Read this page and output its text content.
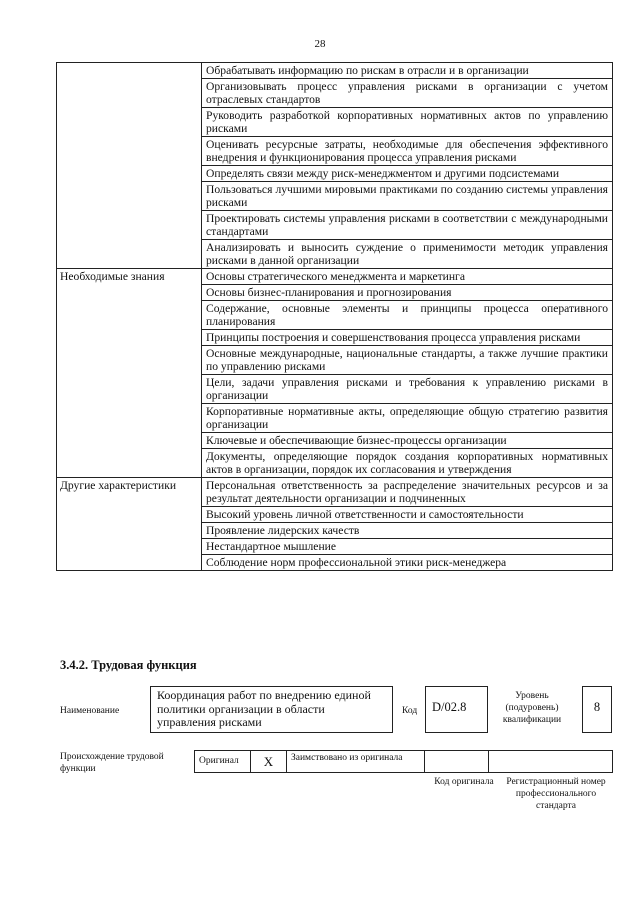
28
	Обрабатывать информацию по рискам в отрасли и в организации
	Организовывать процесс управления рисками в организации с учетом отраслевых стандартов
	Руководить разработкой корпоративных нормативных актов по управлению рисками
	Оценивать ресурсные затраты, необходимые для обеспечения эффективного внедрения и функционирования процесса управления рисками
	Определять связи между риск-менеджментом и другими подсистемами
	Пользоваться лучшими мировыми практиками по созданию системы управления рисками
	Проектировать системы управления рисками в соответствии с международными стандартами
	Анализировать и выносить суждение о применимости методик управления рисками в данной организации
Необходимые знания	Основы стратегического менеджмента и маркетинга
	Основы бизнес-планирования и прогнозирования
	Содержание, основные элементы и принципы процесса оперативного планирования
	Принципы построения и совершенствования процесса управления рисками
	Основные международные, национальные стандарты, а также лучшие практики по управлению рисками
	Цели, задачи управления рисками и требования к управлению рисками в организации
	Корпоративные нормативные акты, определяющие общую стратегию развития организации
	Ключевые и обеспечивающие бизнес-процессы организации
	Документы, определяющие порядок создания корпоративных нормативных актов в организации, порядок их согласования и утверждения
Другие характеристики	Персональная ответственность за распределение значительных ресурсов и за результат деятельности организации и подчиненных
	Высокий уровень личной ответственности и самостоятельности
	Проявление лидерских качеств
	Нестандартное мышление
	Соблюдение норм профессиональной этики риск-менеджера
3.4.2. Трудовая функция
Наименование
Координация работ по внедрению единой политики организации в области управления рисками
Код	D/02.8
Уровень (подуровень) квалификации
8
Происхождение трудовой функции
Оригинал	X	Заимствовано из оригинала		
Код оригинала	Регистрационный номер профессионального стандарта
